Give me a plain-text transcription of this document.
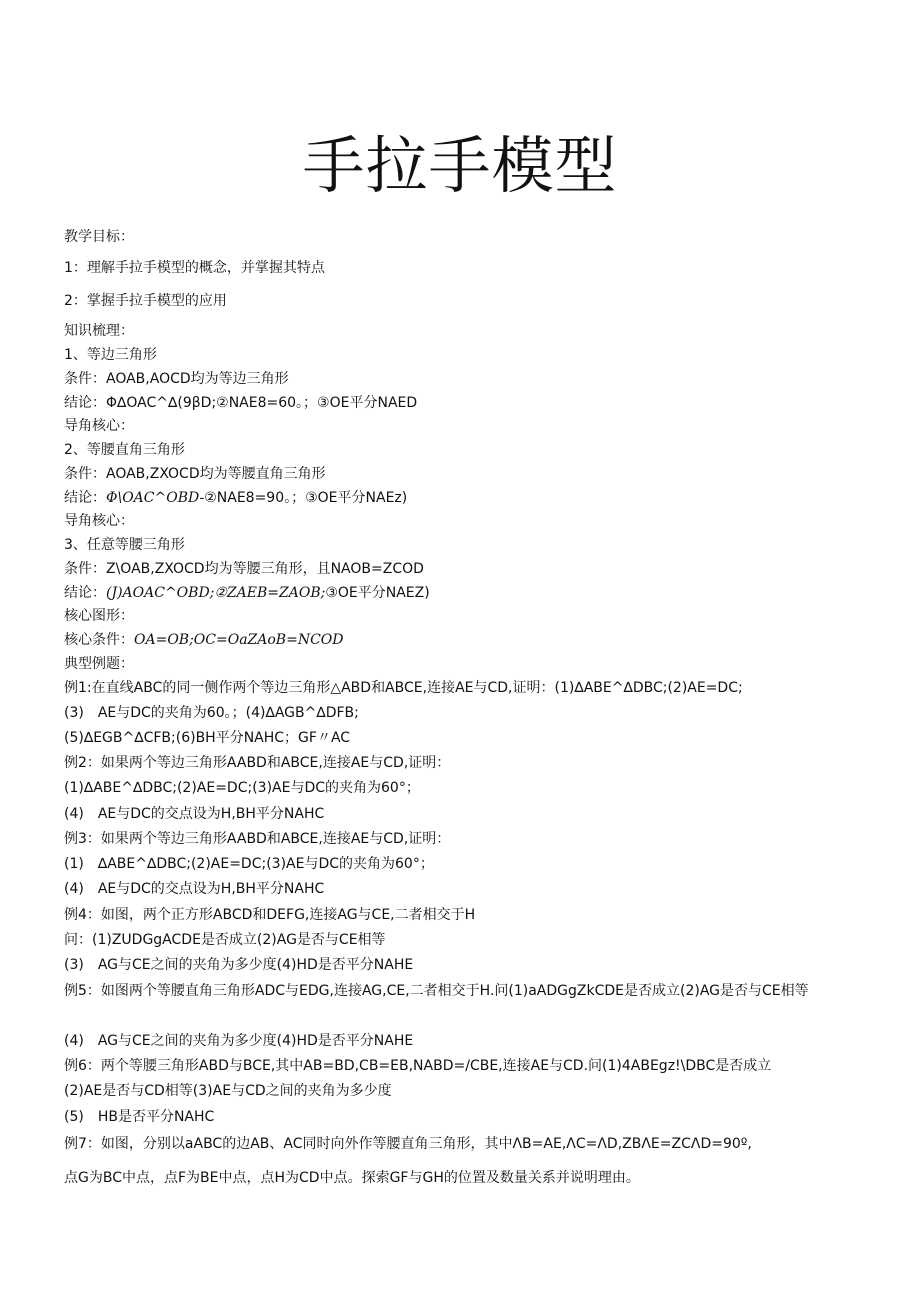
手拉手模型

教学目标：

1：理解手拉手模型的概念，并掌握其特点

2：掌握手拉手模型的应用

知识梳理：

1、等边三角形

条件：AOAB,AOCD均为等边三角形

结论：Φ∆OAC^∆(9βD;②NAE8=60。；③OE平分NAED

导角核心：

2、等腰直角三角形

条件：AOAB,ZXOCD均为等腰直角三角形

结论：Φ\OAC^OBD-②NAE8=90。；③OE平分NAEz)

导角核心：

3、任意等腰三角形

条件：Z\OAB,ZXOCD均为等腰三角形，且NAOB=ZCOD

结论：(J)AOAC^OBD;②ZAEB=ZAOB;③OE平分NAEZ)

核心图形：

核心条件：OA=OB;OC=OaZAoB=NCOD

典型例题：

例1:在直线ABC的同一侧作两个等边三角形△ABD和ABCE,连接AE与CD,证明：(1)∆ABE^∆DBC;(2)AE=DC;

(3)　AE与DC的夹角为60。；(4)∆AGB^∆DFB;

(5)∆EGB^∆CFB;(6)BH平分NAHC；GF〃AC

例2：如果两个等边三角形AABD和ABCE,连接AE与CD,证明：

(1)∆ABE^∆DBC;(2)AE=DC;(3)AE与DC的夹角为60°；

(4)　AE与DC的交点设为H,BH平分NAHC

例3：如果两个等边三角形AABD和ABCE,连接AE与CD,证明：

(1)　∆ABE^∆DBC;(2)AE=DC;(3)AE与DC的夹角为60°；

(4)　AE与DC的交点设为H,BH平分NAHC

例4：如图，两个正方形ABCD和DEFG,连接AG与CE,二者相交于H

问：(1)ZUDGgACDE是否成立(2)AG是否与CE相等

(3)　AG与CE之间的夹角为多少度(4)HD是否平分NAHE

例5：如图两个等腰直角三角形ADC与EDG,连接AG,CE,二者相交于H.问(1)aADGgZkCDE是否成立(2)AG是否与CE相等

(4)　AG与CE之间的夹角为多少度(4)HD是否平分NAHE

例6：两个等腰三角形ABD与BCE,其中AB=BD,CB=EB,NABD=/CBE,连接AE与CD.问(1)4ABEgz!\DBC是否成立

(2)AE是否与CD相等(3)AE与CD之间的夹角为多少度

(5)　HB是否平分NAHC

例7：如图，分别以aABC的边AB、AC同时向外作等腰直角三角形，其中ΛB=AE,ΛC=ΛD,ZBΛE=ZCΛD=90º,

点G为BC中点，点F为BE中点，点H为CD中点。探索GF与GH的位置及数量关系并说明理由。
